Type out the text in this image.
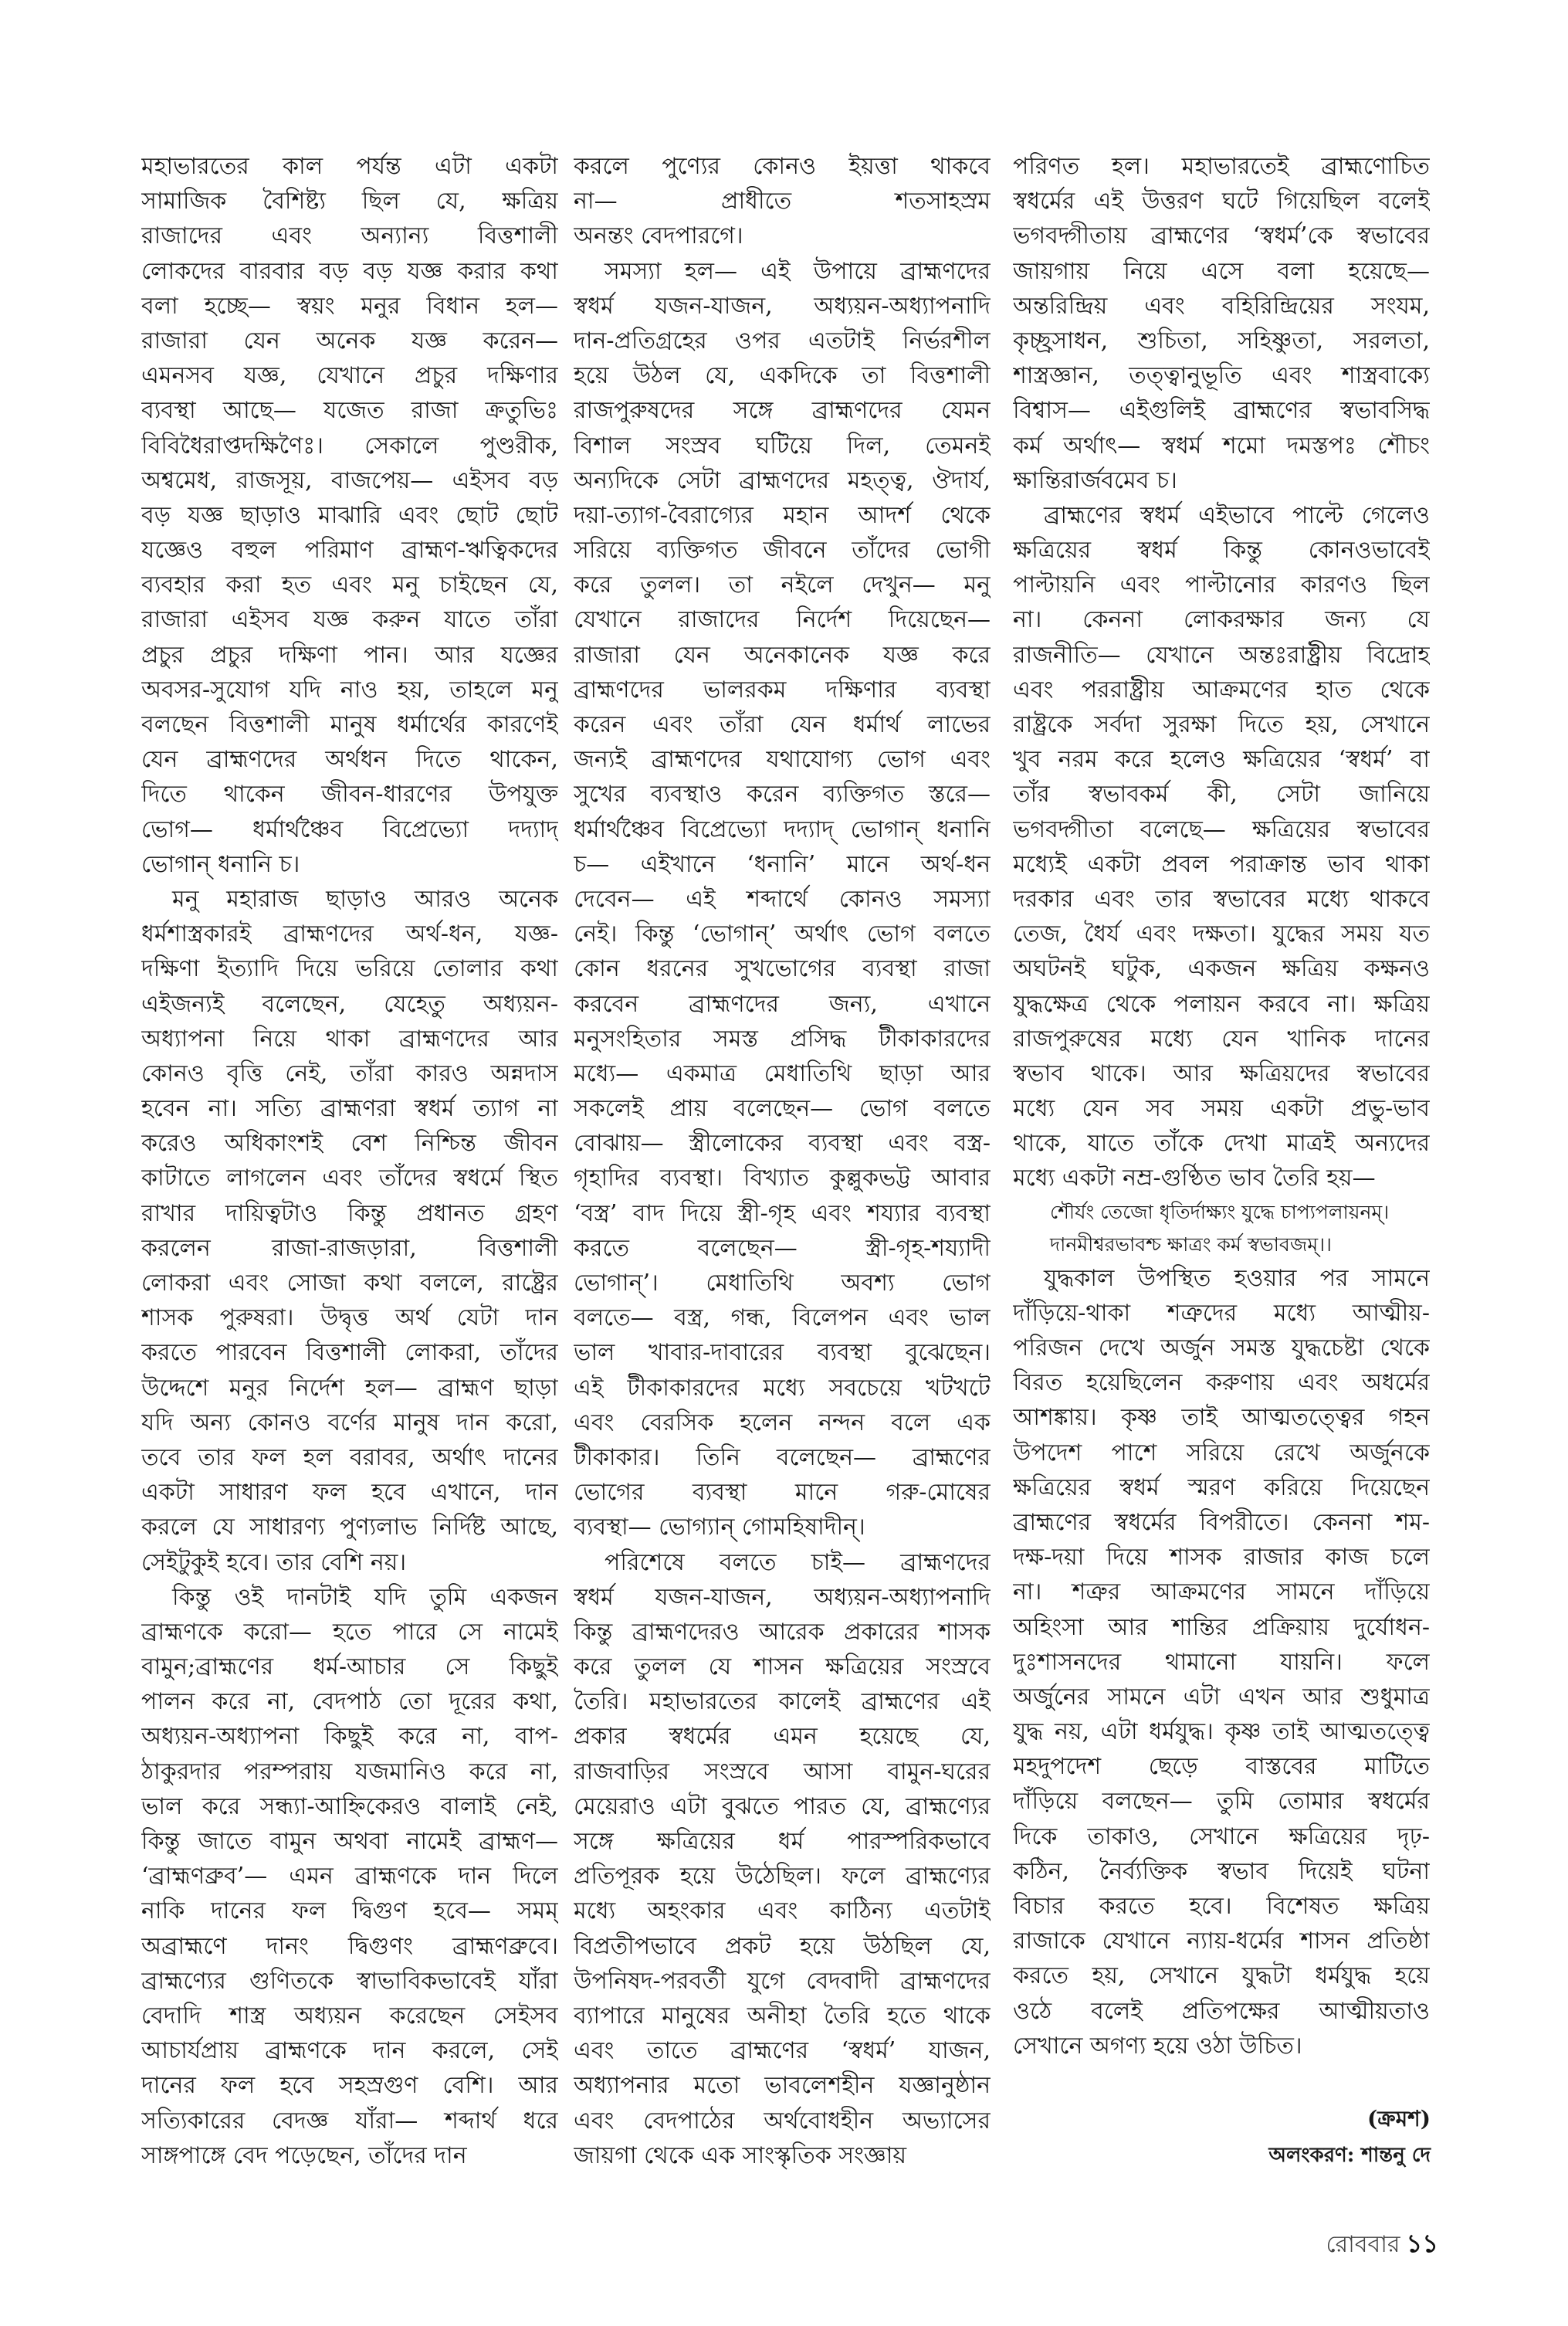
মহাভারতের কাল পর্যন্ত এটা একটা
সামাজিক বৈশিষ্ট্য ছিল যে, ক্ষত্রিয়
রাজাদের এবং অন্যান্য বিত্তশালী
লোকদের বারবার বড় বড় যজ্ঞ করার কথা
বলা হচ্ছে— স্বয়ং মনুর বিধান হল—
রাজারা যেন অনেক যজ্ঞ করেন—
এমনসব যজ্ঞ, যেখানে প্রচুর দক্ষিণার
ব্যবস্থা আছে— যজেত রাজা ক্রতুভিঃ
বিবিধৈরাপ্তদক্ষিণৈঃ। সেকালে পুণ্ডরীক,
অশ্বমেধ, রাজসূয়, বাজপেয়— এইসব বড়
বড় যজ্ঞ ছাড়াও মাঝারি এবং ছোট ছোট
যজ্ঞেও বহুল পরিমাণ ব্রাহ্মণ-ঋত্বিকদের
ব্যবহার করা হত এবং মনু চাইছেন যে,
রাজারা এইসব যজ্ঞ করুন যাতে তাঁরা
প্রচুর প্রচুর দক্ষিণা পান। আর যজ্ঞের
অবসর-সুযোগ যদি নাও হয়, তাহলে মনু
বলছেন বিত্তশালী মানুষ ধর্মার্থের কারণেই
যেন ব্রাহ্মণদের অর্থধন দিতে থাকেন,
দিতে থাকেন জীবন-ধারণের উপযুক্ত
ভোগ— ধর্মার্থঞ্চৈব বিপ্রেভ্যো দদ্যাদ্
ভোগান্ ধনানি চ।
মনু মহারাজ ছাড়াও আরও অনেক
ধর্মশাস্ত্রকারই ব্রাহ্মণদের অর্থ-ধন, যজ্ঞ-
দক্ষিণা ইত্যাদি দিয়ে ভরিয়ে তোলার কথা
এইজন্যই বলেছেন, যেহেতু অধ্যয়ন-
অধ্যাপনা নিয়ে থাকা ব্রাহ্মণদের আর
কোনও বৃত্তি নেই, তাঁরা কারও অন্নদাস
হবেন না। সত্যি ব্রাহ্মণরা স্বধর্ম ত্যাগ না
করেও অধিকাংশই বেশ নিশ্চিন্ত জীবন
কাটাতে লাগলেন এবং তাঁদের স্বধর্মে স্থিত
রাখার দায়িত্বটাও কিন্তু প্রধানত গ্রহণ
করলেন রাজা-রাজড়ারা, বিত্তশালী
লোকরা এবং সোজা কথা বললে, রাষ্ট্রের
শাসক পুরুষরা। উদ্বৃত্ত অর্থ যেটা দান
করতে পারবেন বিত্তশালী লোকরা, তাঁদের
উদ্দেশে মনুর নির্দেশ হল— ব্রাহ্মণ ছাড়া
যদি অন্য কোনও বর্ণের মানুষ দান করো,
তবে তার ফল হল বরাবর, অর্থাৎ দানের
একটা সাধারণ ফল হবে এখানে, দান
করলে যে সাধারণ্য পুণ্যলাভ নির্দিষ্ট আছে,
সেইটুকুই হবে। তার বেশি নয়।
কিন্তু ওই দানটাই যদি তুমি একজন
ব্রাহ্মণকে করো— হতে পারে সে নামেই
বামুন;ব্রাহ্মণের ধর্ম-আচার সে কিছুই
পালন করে না, বেদপাঠ তো দূরের কথা,
অধ্যয়ন-অধ্যাপনা কিছুই করে না, বাপ-
ঠাকুরদার পরম্পরায় যজমানিও করে না,
ভাল করে সন্ধ্যা-আহ্নিকেরও বালাই নেই,
কিন্তু জাতে বামুন অথবা নামেই ব্রাহ্মণ—
‘ব্রাহ্মণব্রুব’— এমন ব্রাহ্মণকে দান দিলে
নাকি দানের ফল দ্বিগুণ হবে— সমম্
অব্রাহ্মণে দানং দ্বিগুণং ব্রাহ্মণব্রুবে।
ব্রাহ্মণ্যের গুণিতকে স্বাভাবিকভাবেই যাঁরা
বেদাদি শাস্ত্র অধ্যয়ন করেছেন সেইসব
আচার্যপ্রায় ব্রাহ্মণকে দান করলে, সেই
দানের ফল হবে সহস্রগুণ বেশি। আর
সত্যিকারের বেদজ্ঞ যাঁরা— শব্দার্থ ধরে
সাঙ্গপাঙ্গে বেদ পড়েছেন, তাঁদের দান
করলে পুণ্যের কোনও ইয়ত্তা থাকবে
না— প্রাধীতে শতসাহস্রম
অনন্তং বেদপারগে।
সমস্যা হল— এই উপায়ে ব্রাহ্মণদের
স্বধর্ম যজন-যাজন, অধ্যয়ন-অধ্যাপনাদি
দান-প্রতিগ্রহের ওপর এতটাই নির্ভরশীল
হয়ে উঠল যে, একদিকে তা বিত্তশালী
রাজপুরুষদের সঙ্গে ব্রাহ্মণদের যেমন
বিশাল সংস্রব ঘটিয়ে দিল, তেমনই
অন্যদিকে সেটা ব্রাহ্মণদের মহত্ত্ব, ঔদার্য,
দয়া-ত্যাগ-বৈরাগ্যের মহান আদর্শ থেকে
সরিয়ে ব্যক্তিগত জীবনে তাঁদের ভোগী
করে তুলল। তা নইলে দেখুন— মনু
যেখানে রাজাদের নির্দেশ দিয়েছেন—
রাজারা যেন অনেকানেক যজ্ঞ করে
ব্রাহ্মণদের ভালরকম দক্ষিণার ব্যবস্থা
করেন এবং তাঁরা যেন ধর্মার্থ লাভের
জন্যই ব্রাহ্মণদের যথাযোগ্য ভোগ এবং
সুখের ব্যবস্থাও করেন ব্যক্তিগত স্তরে—
ধর্মার্থঞ্চৈব বিপ্রেভ্যো দদ্যাদ্ ভোগান্ ধনানি
চ— এইখানে ‘ধনানি’ মানে অর্থ-ধন
দেবেন— এই শব্দার্থে কোনও সমস্যা
নেই। কিন্তু ‘ভোগান্’ অর্থাৎ ভোগ বলতে
কোন ধরনের সুখভোগের ব্যবস্থা রাজা
করবেন ব্রাহ্মণদের জন্য, এখানে
মনুসংহিতার সমস্ত প্রসিদ্ধ টীকাকারদের
মধ্যে— একমাত্র মেধাতিথি ছাড়া আর
সকলেই প্রায় বলেছেন— ভোগ বলতে
বোঝায়— স্ত্রীলোকের ব্যবস্থা এবং বস্ত্র-
গৃহাদির ব্যবস্থা। বিখ্যাত কুল্লুকভট্ট আবার
‘বস্ত্র’ বাদ দিয়ে স্ত্রী-গৃহ এবং শয্যার ব্যবস্থা
করতে বলেছেন— স্ত্রী-গৃহ-শয্যাদী
ভোগান্’। মেধাতিথি অবশ্য ভোগ
বলতে— বস্ত্র, গন্ধ, বিলেপন এবং ভাল
ভাল খাবার-দাবারের ব্যবস্থা বুঝেছেন।
এই টীকাকারদের মধ্যে সবচেয়ে খটখটে
এবং বেরসিক হলেন নন্দন বলে এক
টীকাকার। তিনি বলেছেন— ব্রাহ্মণের
ভোগের ব্যবস্থা মানে গরু-মোষের
ব্যবস্থা— ভোগ্যান্ গোমহিষাদীন্।
পরিশেষে বলতে চাই— ব্রাহ্মণদের
স্বধর্ম যজন-যাজন, অধ্যয়ন-অধ্যাপনাদি
কিন্তু ব্রাহ্মণদেরও আরেক প্রকারের শাসক
করে তুলল যে শাসন ক্ষত্রিয়ের সংস্রবে
তৈরি। মহাভারতের কালেই ব্রাহ্মণের এই
প্রকার স্বধর্মের এমন হয়েছে যে,
রাজবাড়ির সংস্রবে আসা বামুন-ঘরের
মেয়েরাও এটা বুঝতে পারত যে, ব্রাহ্মণ্যের
সঙ্গে ক্ষত্রিয়ের ধর্ম পারস্পরিকভাবে
প্রতিপূরক হয়ে উঠেছিল। ফলে ব্রাহ্মণ্যের
মধ্যে অহংকার এবং কাঠিন্য এতটাই
বিপ্রতীপভাবে প্রকট হয়ে উঠছিল যে,
উপনিষদ-পরবর্তী যুগে বেদবাদী ব্রাহ্মণদের
ব্যাপারে মানুষের অনীহা তৈরি হতে থাকে
এবং তাতে ব্রাহ্মণের ‘স্বধর্ম’ যাজন,
অধ্যাপনার মতো ভাবলেশহীন যজ্ঞানুষ্ঠান
এবং বেদপাঠের অর্থবোধহীন অভ্যাসের
জায়গা থেকে এক সাংস্কৃতিক সংজ্ঞায়
পরিণত হল। মহাভারতেই ব্রাহ্মণোচিত
স্বধর্মের এই উত্তরণ ঘটে গিয়েছিল বলেই
ভগবদ্গীতায় ব্রাহ্মণের ‘স্বধর্ম’কে স্বভাবের
জায়গায় নিয়ে এসে বলা হয়েছে—
অন্তরিন্দ্রিয় এবং বহিরিন্দ্রিয়ের সংযম,
কৃচ্ছ্রসাধন, শুচিতা, সহিষ্ণুতা, সরলতা,
শাস্ত্রজ্ঞান, তত্ত্বানুভূতি এবং শাস্ত্রবাক্যে
বিশ্বাস— এইগুলিই ব্রাহ্মণের স্বভাবসিদ্ধ
কর্ম অর্থাৎ— স্বধর্ম শমো দমস্তপঃ শৌচং
ক্ষান্তিরার্জবমেব চ।
ব্রাহ্মণের স্বধর্ম এইভাবে পাল্টে গেলেও
ক্ষত্রিয়ের স্বধর্ম কিন্তু কোনওভাবেই
পাল্টায়নি এবং পাল্টানোর কারণও ছিল
না। কেননা লোকরক্ষার জন্য যে
রাজনীতি— যেখানে অন্তঃরাষ্ট্রীয় বিদ্রোহ
এবং পররাষ্ট্রীয় আক্রমণের হাত থেকে
রাষ্ট্রকে সর্বদা সুরক্ষা দিতে হয়, সেখানে
খুব নরম করে হলেও ক্ষত্রিয়ের ‘স্বধর্ম’ বা
তাঁর স্বভাবকর্ম কী, সেটা জানিয়ে
ভগবদ্গীতা বলেছে— ক্ষত্রিয়ের স্বভাবের
মধ্যেই একটা প্রবল পরাক্রান্ত ভাব থাকা
দরকার এবং তার স্বভাবের মধ্যে থাকবে
তেজ, ধৈর্য এবং দক্ষতা। যুদ্ধের সময় যত
অঘটনই ঘটুক, একজন ক্ষত্রিয় কক্ষনও
যুদ্ধক্ষেত্র থেকে পলায়ন করবে না। ক্ষত্রিয়
রাজপুরুষের মধ্যে যেন খানিক দানের
স্বভাব থাকে। আর ক্ষত্রিয়দের স্বভাবের
মধ্যে যেন সব সময় একটা প্রভু-ভাব
থাকে, যাতে তাঁকে দেখা মাত্রই অন্যদের
মধ্যে একটা নম্র-গুণ্ঠিত ভাব তৈরি হয়—
শৌর্যং তেজো ধৃতির্দাক্ষ্যং যুদ্ধে চাপ্যপলায়নম্।
দানমীশ্বরভাবশ্চ ক্ষাত্রং কর্ম স্বভাবজম্।।
যুদ্ধকাল উপস্থিত হওয়ার পর সামনে
দাঁড়িয়ে-থাকা শত্রুদের মধ্যে আত্মীয়-
পরিজন দেখে অর্জুন সমস্ত যুদ্ধচেষ্টা থেকে
বিরত হয়েছিলেন করুণায় এবং অধর্মের
আশঙ্কায়। কৃষ্ণ তাই আত্মতত্ত্বের গহন
উপদেশ পাশে সরিয়ে রেখে অর্জুনকে
ক্ষত্রিয়ের স্বধর্ম স্মরণ করিয়ে দিয়েছেন
ব্রাহ্মণের স্বধর্মের বিপরীতে। কেননা শম-
দক্ষ-দয়া দিয়ে শাসক রাজার কাজ চলে
না। শত্রুর আক্রমণের সামনে দাঁড়িয়ে
অহিংসা আর শান্তির প্রক্রিয়ায় দুর্যোধন-
দুঃশাসনদের থামানো যায়নি। ফলে
অর্জুনের সামনে এটা এখন আর শুধুমাত্র
যুদ্ধ নয়, এটা ধর্মযুদ্ধ। কৃষ্ণ তাই আত্মতত্ত্বে
মহদুপদেশ ছেড়ে বাস্তবের মাটিতে
দাঁড়িয়ে বলছেন— তুমি তোমার স্বধর্মের
দিকে তাকাও, সেখানে ক্ষত্রিয়ের দৃঢ়-
কঠিন, নৈর্ব্যক্তিক স্বভাব দিয়েই ঘটনা
বিচার করতে হবে। বিশেষত ক্ষত্রিয়
রাজাকে যেখানে ন্যায়-ধর্মের শাসন প্রতিষ্ঠা
করতে হয়, সেখানে যুদ্ধটা ধর্মযুদ্ধ হয়ে
ওঠে বলেই প্রতিপক্ষের আত্মীয়তাও
সেখানে অগণ্য হয়ে ওঠা উচিত।
(ক্রমশ)
অলংকরণ: শান্তনু দে
রোববার ১১
